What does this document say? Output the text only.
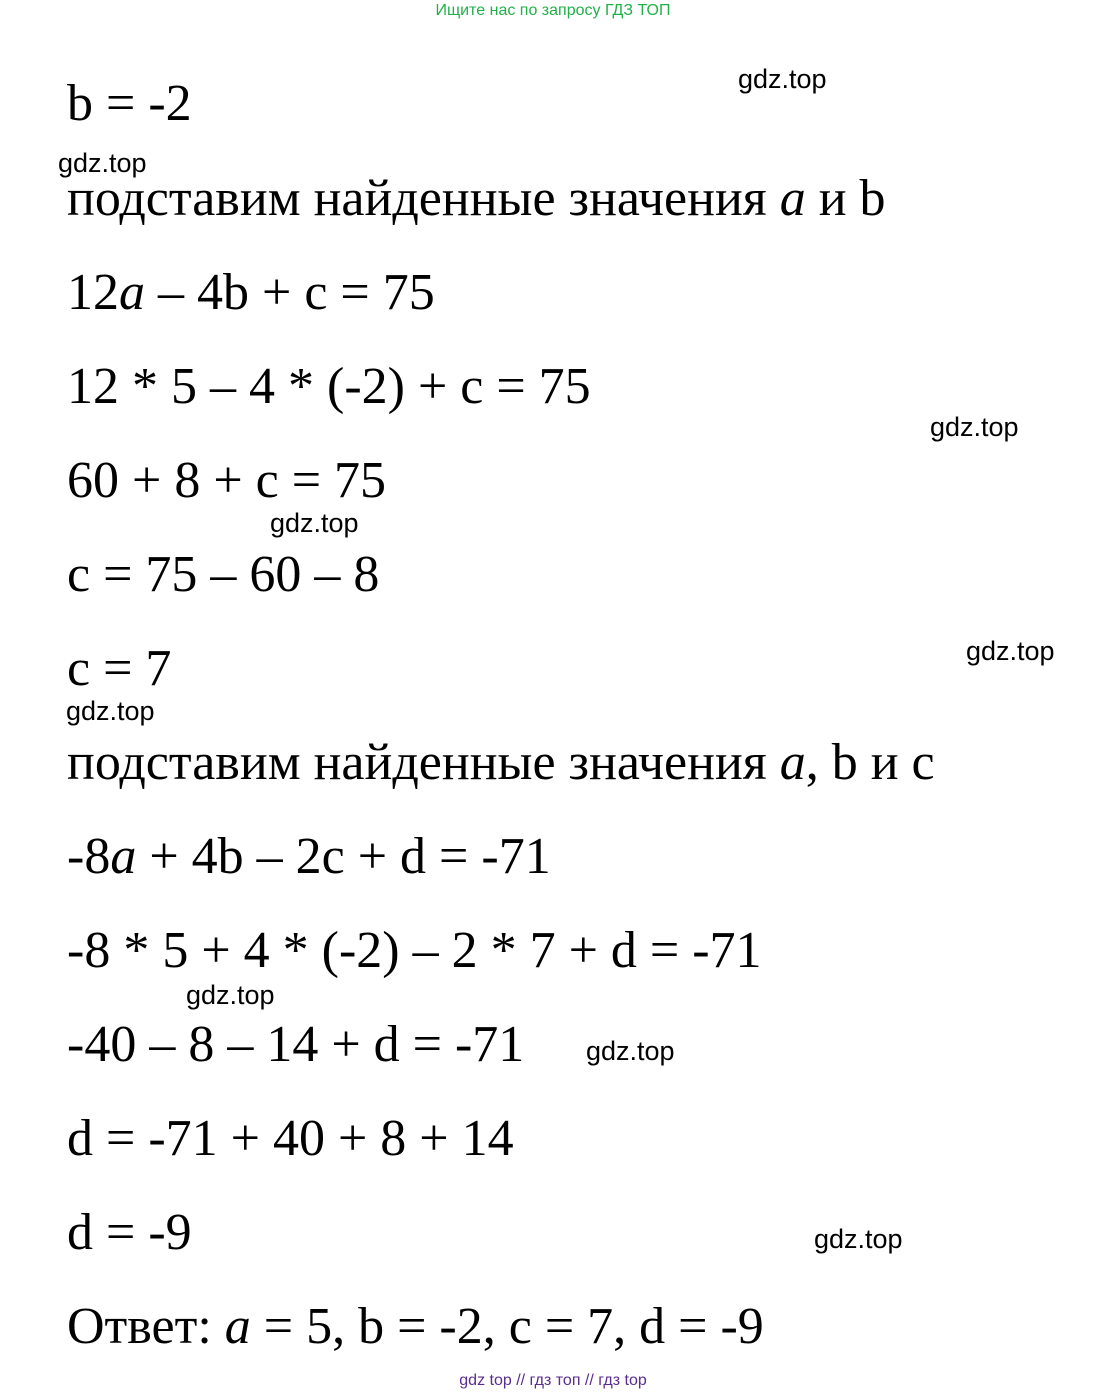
Ищите нас по запросу ГДЗ ТОП
b = -2
подставим найденные значения a и b
12a – 4b + c = 75
12 * 5 – 4 * (-2) + c = 75
60 + 8 + c = 75
c = 75 – 60 – 8
c = 7
подставим найденные значения a, b и c
-8a + 4b – 2c + d = -71
-8 * 5 + 4 * (-2) – 2 * 7 + d = -71
-40 – 8 – 14 + d = -71
d = -71 + 40 + 8 + 14
d = -9
Ответ: a = 5, b = -2, c = 7, d = -9
gdz.top
gdz.top
gdz.top
gdz.top
gdz.top
gdz.top
gdz.top
gdz.top
gdz.top
gdz top // гдз топ // гдз top
